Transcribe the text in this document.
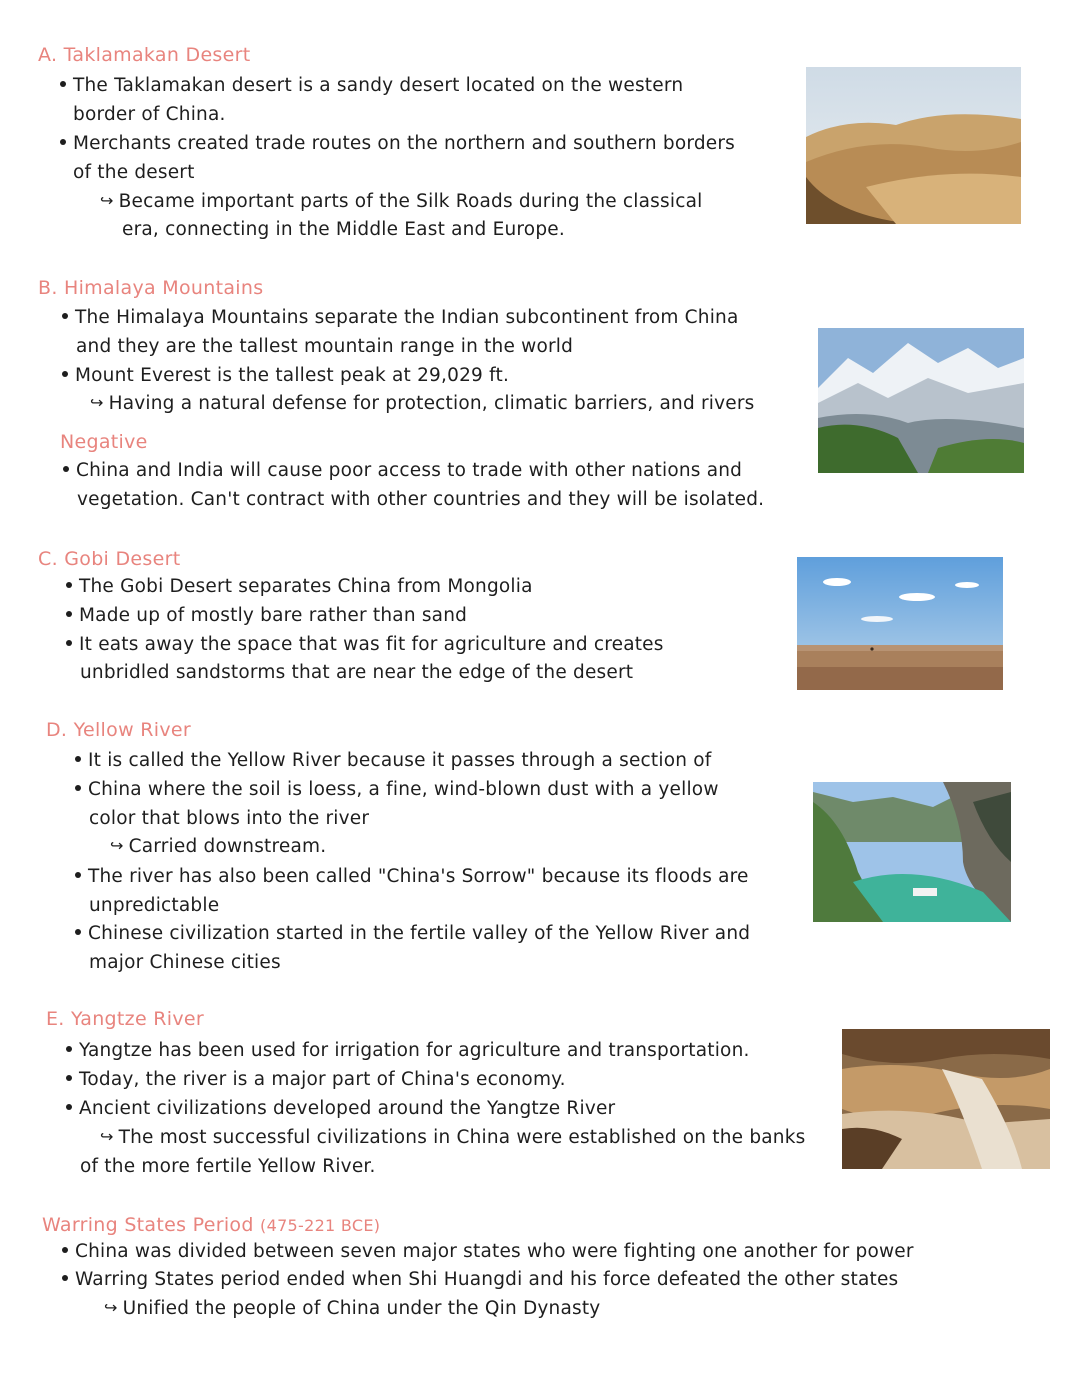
A. Taklamakan Desert
The Taklamakan desert is a sandy desert located on the western
border of China.
Merchants created trade routes on the northern and southern borders
of the desert
↪ Became important parts of the Silk Roads during the classical
era, connecting in the Middle East and Europe.
B. Himalaya Mountains
The Himalaya Mountains separate the Indian subcontinent from China
and they are the tallest mountain range in the world
Mount Everest is the tallest peak at 29,029 ft.
↪ Having a natural defense for protection, climatic barriers, and rivers
Negative
China and India will cause poor access to trade with other nations and
vegetation. Can't contract with other countries and they will be isolated.
C. Gobi Desert
The Gobi Desert separates China from Mongolia
Made up of mostly bare rather than sand
It eats away the space that was fit for agriculture and creates
unbridled sandstorms that are near the edge of the desert
D. Yellow River
It is called the Yellow River because it passes through a section of
China where the soil is loess, a fine, wind-blown dust with a yellow
color that blows into the river
↪ Carried downstream.
The river has also been called "China's Sorrow" because its floods are
unpredictable
Chinese civilization started in the fertile valley of the Yellow River and
major Chinese cities
E. Yangtze River
Yangtze has been used for irrigation for agriculture and transportation.
Today, the river is a major part of China's economy.
Ancient civilizations developed around the Yangtze River
↪ The most successful civilizations in China were established on the banks
of the more fertile Yellow River.
Warring States Period (475-221 BCE)
China was divided between seven major states who were fighting one another for power
Warring States period ended when Shi Huangdi and his force defeated the other states
↪ Unified the people of China under the Qin Dynasty
